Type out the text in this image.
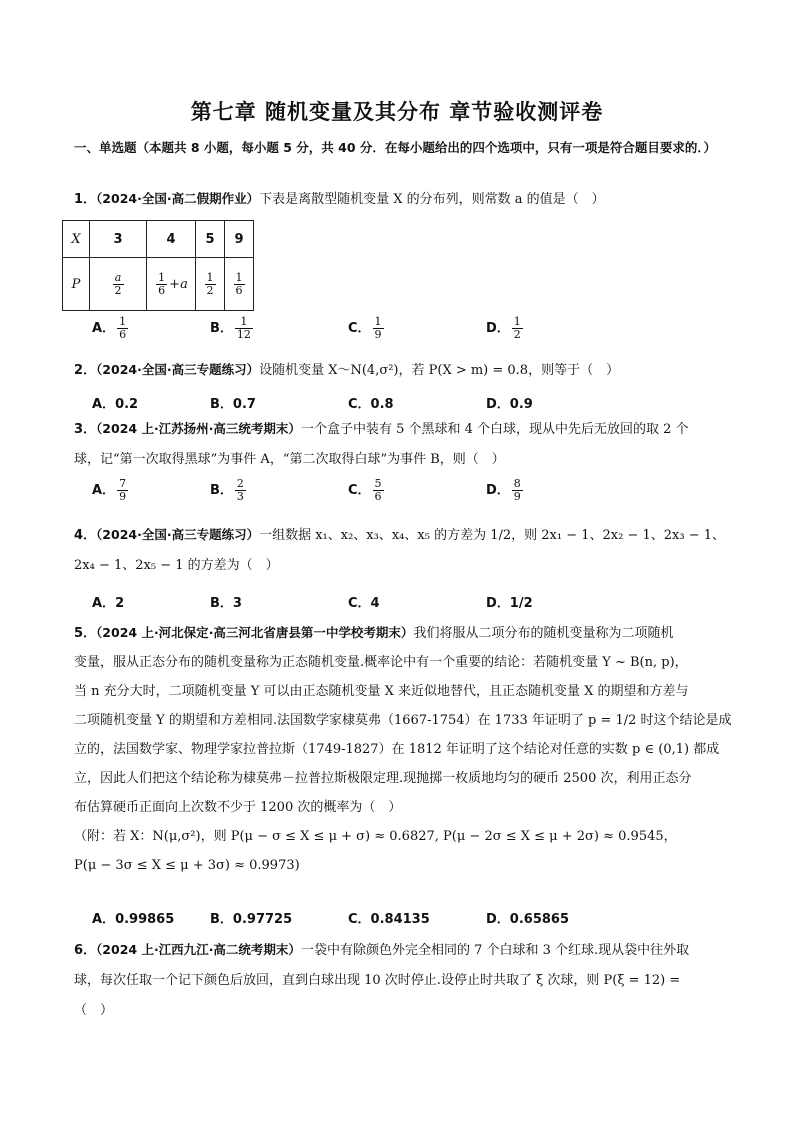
第七章 随机变量及其分布 章节验收测评卷
一、单选题（本题共 8 小题，每小题 5 分，共 40 分．在每小题给出的四个选项中，只有一项是符合题目要求的．）
1．（2024·全国·高二假期作业）下表是离散型随机变量 X 的分布列，则常数 a 的值是（　）
X	3	4	5	9
P	$\frac{a}{2}$	$\frac{1}{6} +a$	$\frac{1}{2}$	$\frac{1}{6}$
A． $\frac{1}{6}$	B． $\frac{1}{12}$	C． $\frac{1}{9}$	D． $\frac{1}{2}$
2．（2024·全国·高三专题练习）设随机变量 X～N(4,σ²)，若 P(X > m) = 0.8，则等于（　）
A．0.2	B．0.7	C．0.8	D．0.9
3．（2024 上·江苏扬州·高三统考期末）一个盒子中装有 5 个黑球和 4 个白球，现从中先后无放回的取 2 个
球，记“第一次取得黑球”为事件 A，“第二次取得白球”为事件 B，则（　）
A． $\frac{7}{9}$	B． $\frac{2}{3}$	C． $\frac{5}{6}$	D． $\frac{8}{9}$
4．（2024·全国·高三专题练习）一组数据 x₁、x₂、x₃、x₄、x₅ 的方差为 1/2，则 2x₁ − 1、2x₂ − 1、2x₃ − 1、
2x₄ − 1、2x₅ − 1 的方差为（　）
A．2	B．3	C．4	D．1/2
5．（2024 上·河北保定·高三河北省唐县第一中学校考期末）我们将服从二项分布的随机变量称为二项随机
变量，服从正态分布的随机变量称为正态随机变量.概率论中有一个重要的结论：若随机变量 Y ~ B(n, p)，
当 n 充分大时，二项随机变量 Y 可以由正态随机变量 X 来近似地替代，且正态随机变量 X 的期望和方差与
二项随机变量 Y 的期望和方差相同.法国数学家棣莫弗（1667-1754）在 1733 年证明了 p = 1/2 时这个结论是成
立的，法国数学家、物理学家拉普拉斯（1749-1827）在 1812 年证明了这个结论对任意的实数 p ∈ (0,1) 都成
立，因此人们把这个结论称为棣莫弗－拉普拉斯极限定理.现抛掷一枚质地均匀的硬币 2500 次，利用正态分
布估算硬币正面向上次数不少于 1200 次的概率为（　）
（附：若 X：N(μ,σ²)，则 P(μ − σ ≤ X ≤ μ + σ) ≈ 0.6827, P(μ − 2σ ≤ X ≤ μ + 2σ) ≈ 0.9545，
P(μ − 3σ ≤ X ≤ μ + 3σ) ≈ 0.9973)
A．0.99865	B．0.97725	C．0.84135	D．0.65865
6．（2024 上·江西九江·高二统考期末）一袋中有除颜色外完全相同的 7 个白球和 3 个红球.现从袋中往外取
球，每次任取一个记下颜色后放回，直到白球出现 10 次时停止.设停止时共取了 ξ 次球，则 P(ξ = 12) =
（　）
